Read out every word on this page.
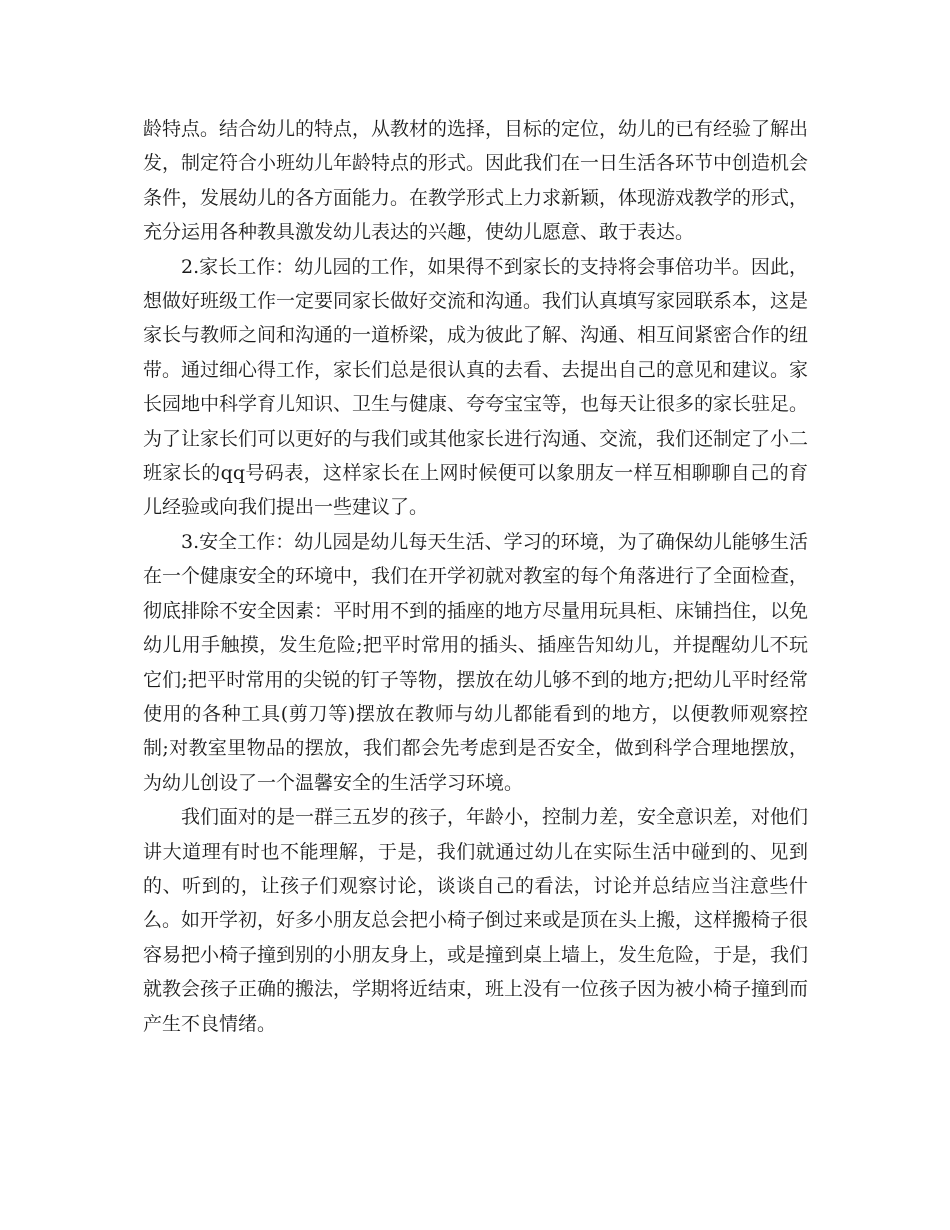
龄特点。结合幼儿的特点，从教材的选择，目标的定位，幼儿的已有经验了解出发，制定符合小班幼儿年龄特点的形式。因此我们在一日生活各环节中创造机会条件，发展幼儿的各方面能力。在教学形式上力求新颖，体现游戏教学的形式，充分运用各种教具激发幼儿表达的兴趣，使幼儿愿意、敢于表达。

2.家长工作：幼儿园的工作，如果得不到家长的支持将会事倍功半。因此，想做好班级工作一定要同家长做好交流和沟通。我们认真填写家园联系本，这是家长与教师之间和沟通的一道桥梁，成为彼此了解、沟通、相互间紧密合作的纽带。通过细心得工作，家长们总是很认真的去看、去提出自己的意见和建议。家长园地中科学育儿知识、卫生与健康、夸夸宝宝等，也每天让很多的家长驻足。为了让家长们可以更好的与我们或其他家长进行沟通、交流，我们还制定了小二班家长的qq号码表，这样家长在上网时候便可以象朋友一样互相聊聊自己的育儿经验或向我们提出一些建议了。

3.安全工作：幼儿园是幼儿每天生活、学习的环境，为了确保幼儿能够生活在一个健康安全的环境中，我们在开学初就对教室的每个角落进行了全面检查，彻底排除不安全因素：平时用不到的插座的地方尽量用玩具柜、床铺挡住，以免幼儿用手触摸，发生危险;把平时常用的插头、插座告知幼儿，并提醒幼儿不玩它们;把平时常用的尖锐的钉子等物，摆放在幼儿够不到的地方;把幼儿平时经常使用的各种工具(剪刀等)摆放在教师与幼儿都能看到的地方，以便教师观察控制;对教室里物品的摆放，我们都会先考虑到是否安全，做到科学合理地摆放，为幼儿创设了一个温馨安全的生活学习环境。

我们面对的是一群三五岁的孩子，年龄小，控制力差，安全意识差，对他们讲大道理有时也不能理解，于是，我们就通过幼儿在实际生活中碰到的、见到的、听到的，让孩子们观察讨论，谈谈自己的看法，讨论并总结应当注意些什么。如开学初，好多小朋友总会把小椅子倒过来或是顶在头上搬，这样搬椅子很容易把小椅子撞到别的小朋友身上，或是撞到桌上墙上，发生危险，于是，我们就教会孩子正确的搬法，学期将近结束，班上没有一位孩子因为被小椅子撞到而产生不良情绪。
